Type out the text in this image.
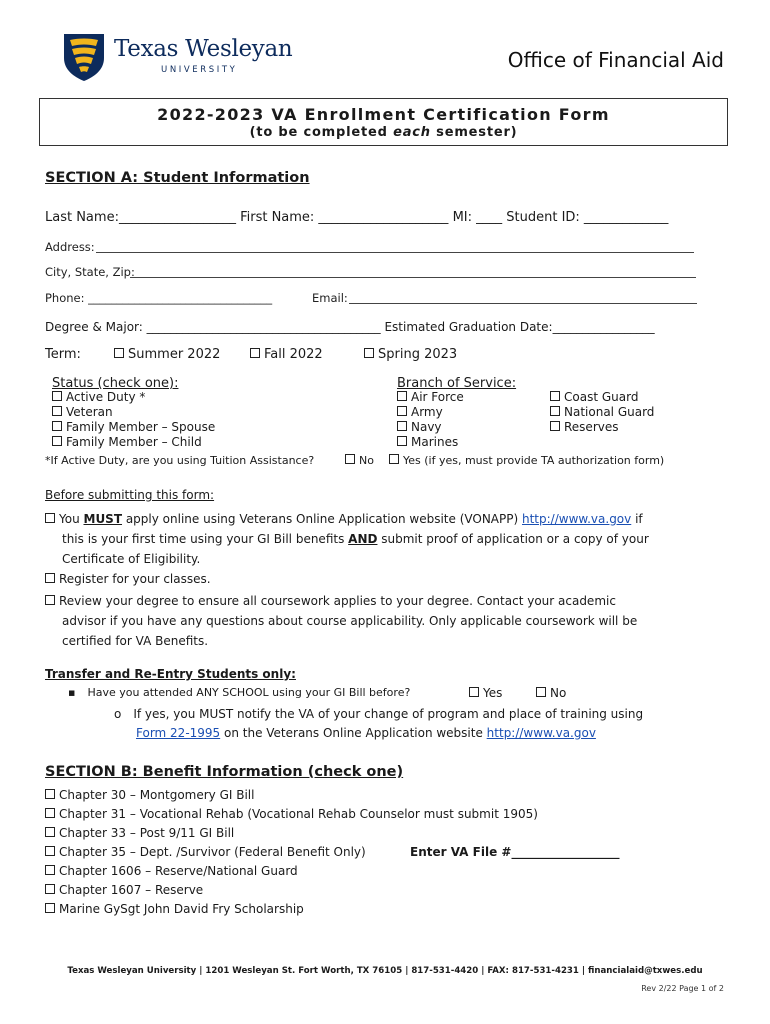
Texas Wesleyan
UNIVERSITY	Office of Financial Aid
2022-2023 VA Enrollment Certification Form
(to be completed each semester)
SECTION A: Student Information
Last Name:__________________ First Name: ____________________ MI: ____ Student ID: _____________
Address:
City, State, Zip:
Phone: ________________________________	Email:
Degree & Major: _______________________________________ Estimated Graduation Date:_________________
Term:	Summer 2022	Fall 2022	Spring 2023
Status (check one):
Active Duty *
Veteran
Family Member – Spouse
Family Member – Child
Branch of Service:
Air Force
Army
Navy
Marines
Coast Guard
National Guard
Reserves
*If Active Duty, are you using Tuition Assistance?	No	Yes (if yes, must provide TA authorization form)
Before submitting this form:
You MUST apply online using Veterans Online Application website (VONAPP) http://www.va.gov if
this is your first time using your GI Bill benefits AND submit proof of application or a copy of your
Certificate of Eligibility.
Register for your classes.
Review your degree to ensure all coursework applies to your degree. Contact your academic
advisor if you have any questions about course applicability. Only applicable coursework will be
certified for VA Benefits.
Transfer and Re-Entry Students only:
▪ Have you attended ANY SCHOOL using your GI Bill before?	Yes	No
o If yes, you MUST notify the VA of your change of program and place of training using
Form 22-1995 on the Veterans Online Application website http://www.va.gov
SECTION B: Benefit Information (check one)
Chapter 30 – Montgomery GI Bill
Chapter 31 – Vocational Rehab (Vocational Rehab Counselor must submit 1905)
Chapter 33 – Post 9/11 GI Bill
Chapter 35 – Dept. /Survivor (Federal Benefit Only)	Enter VA File #__________________
Chapter 1606 – Reserve/National Guard
Chapter 1607 – Reserve
Marine GySgt John David Fry Scholarship
Texas Wesleyan University | 1201 Wesleyan St. Fort Worth, TX 76105 | 817-531-4420 | FAX: 817-531-4231 | financialaid@txwes.edu
Rev 2/22 Page 1 of 2
